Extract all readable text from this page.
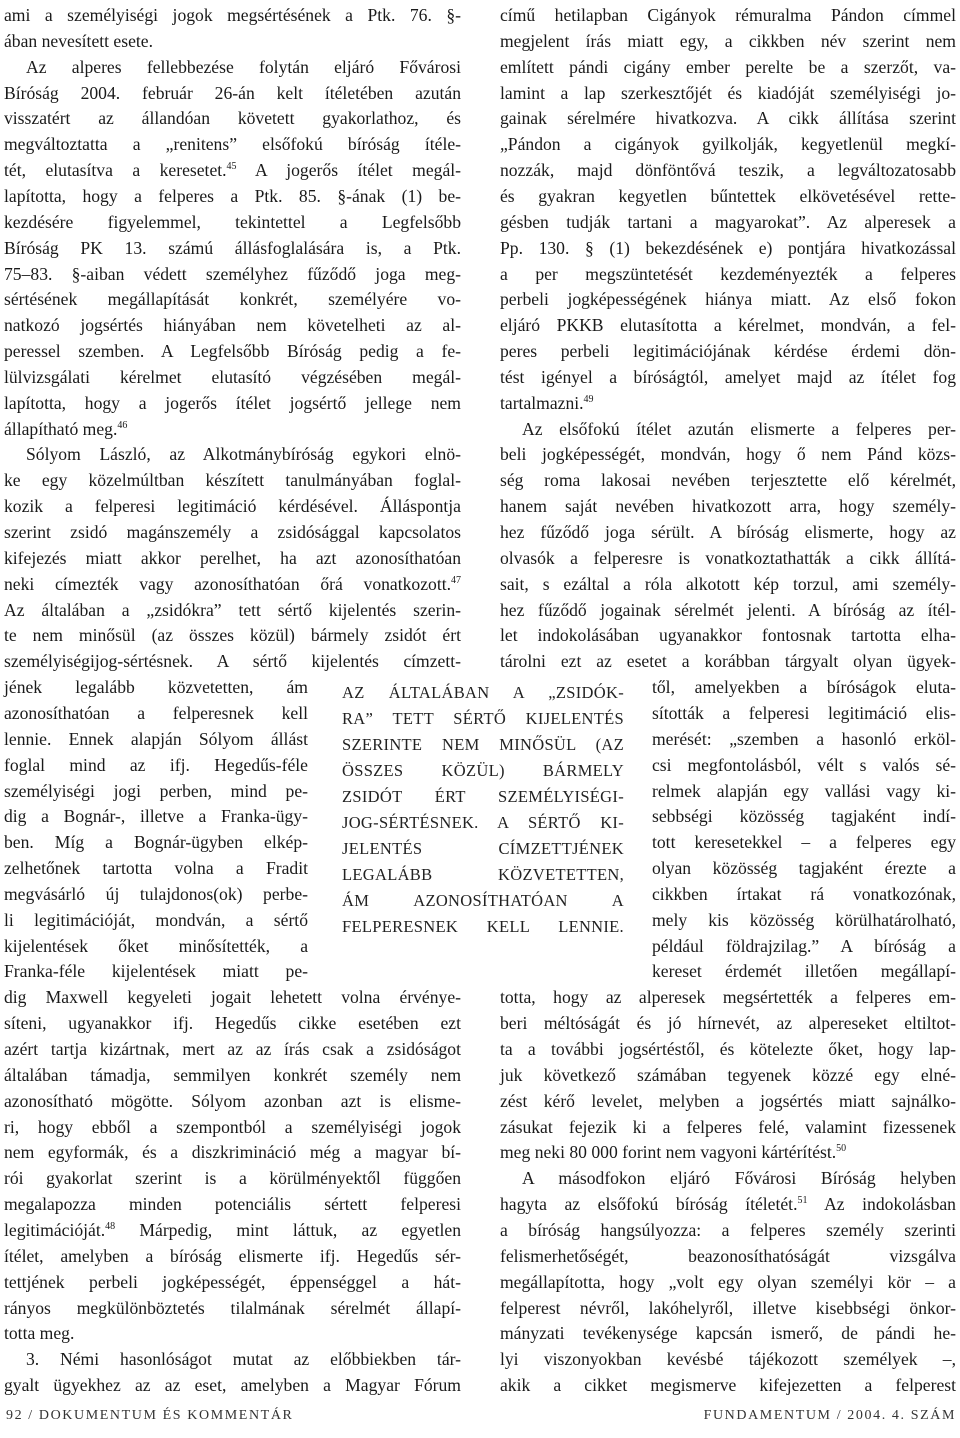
ami a személyiségi jogok megsértésének a Ptk. 76. §-
ában nevesített esete.
Az alperes fellebbezése folytán eljáró Fővárosi
Bíróság 2004. február 26-án kelt ítéletében azután
visszatért az állandóan követett gyakorlathoz, és
megváltoztatta a „renitens” elsőfokú bíróság ítéle-
tét, elutasítva a keresetet.$^{45}$ A jogerős ítélet megál-
lapította, hogy a felperes a Ptk. 85. §-ának (1) be-
kezdésére figyelemmel, tekintettel a Legfelsőbb
Bíróság PK 13. számú állásfoglalására is, a Ptk.
75–83. §-aiban védett személyhez fűződő joga meg-
sértésének megállapítását konkrét, személyére vo-
natkozó jogsértés hiányában nem követelheti az al-
peressel szemben. A Legfelsőbb Bíróság pedig a fe-
lülvizsgálati kérelmet elutasító végzésében megál-
lapította, hogy a jogerős ítélet jogsértő jellege nem
állapítható meg.$^{46}$
Sólyom László, az Alkotmánybíróság egykori elnö-
ke egy közelmúltban készített tanulmányában foglal-
kozik a felperesi legitimáció kérdésével. Álláspontja
szerint zsidó magánszemély a zsidósággal kapcsolatos
kifejezés miatt akkor perelhet, ha azt azonosíthatóan
neki címezték vagy azonosíthatóan őrá vonatkozott.$^{47}$
Az általában a „zsidókra” tett sértő kijelentés szerin-
te nem minősül (az összes közül) bármely zsidót ért
személyiségijog-sértésnek. A sértő kijelentés címzett-
jének legalább közvetetten, ám
azonosíthatóan a felperesnek kell
lennie. Ennek alapján Sólyom állást
foglal mind az ifj. Hegedűs-féle
személyiségi jogi perben, mind pe-
dig a Bognár-, illetve a Franka-ügy-
ben. Míg a Bognár-ügyben elkép-
zelhetőnek tartotta volna a Fradit
megvásárló új tulajdonos(ok) perbe-
li legitimációját, mondván, a sértő
kijelentések őket minősítették, a
Franka-féle kijelentések miatt pe-
dig Maxwell kegyeleti jogait lehetett volna érvénye-
síteni, ugyanakkor ifj. Hegedűs cikke esetében ezt
azért tartja kizártnak, mert az az írás csak a zsidóságot
általában támadja, semmilyen konkrét személy nem
azonosítható mögötte. Sólyom azonban azt is elisme-
ri, hogy ebből a szempontból a személyiségi jogok
nem egyformák, és a diszkrimináció még a magyar bí-
rói gyakorlat szerint is a körülményektől függően
megalapozza minden potenciális sértett felperesi
legitimációját.$^{48}$ Márpedig, mint láttuk, az egyetlen
ítélet, amelyben a bíróság elismerte ifj. Hegedűs sér-
tettjének perbeli jogképességét, éppenséggel a hát-
rányos megkülönböztetés tilalmának sérelmét állapí-
totta meg.
3. Némi hasonlóságot mutat az előbbiekben tár-
gyalt ügyekhez az az eset, amelyben a Magyar Fórum
című hetilapban Cigányok rémuralma Pándon címmel
megjelent írás miatt egy, a cikkben név szerint nem
említett pándi cigány ember perelte be a szerzőt, va-
lamint a lap szerkesztőjét és kiadóját személyiségi jo-
gainak sérelmére hivatkozva. A cikk állítása szerint
„Pándon a cigányok gyilkolják, kegyetlenül megkí-
nozzák, majd dönföntővá teszik, a legváltozatosabb
és gyakran kegyetlen bűntettek elkövetésével rette-
gésben tudják tartani a magyarokat”. Az alperesek a
Pp. 130. § (1) bekezdésének e) pontjára hivatkozással
a per megszüntetését kezdeményezték a felperes
perbeli jogképességének hiánya miatt. Az első fokon
eljáró PKKB elutasította a kérelmet, mondván, a fel-
peres perbeli legitimációjának kérdése érdemi dön-
tést igényel a bíróságtól, amelyet majd az ítélet fog
tartalmazni.$^{49}$
Az elsőfokú ítélet azután elismerte a felperes per-
beli jogképességét, mondván, hogy ő nem Pánd közs-
ség roma lakosai nevében terjesztette elő kérelmét,
hanem saját nevében hivatkozott arra, hogy személy-
hez fűződő joga sérült. A bíróság elismerte, hogy az
olvasók a felperesre is vonatkoztathatták a cikk állítá-
sait, s ezáltal a róla alkotott kép torzul, ami személy-
hez fűződő jogainak sérelmét jelenti. A bíróság az ítél-
let indokolásában ugyanakkor fontosnak tartotta elha-
tárolni ezt az esetet a korábban tárgyalt olyan ügyek-
től, amelyekben a bíróságok eluta-
sították a felperesi legitimáció elis-
merését: „szemben a hasonló erköl-
csi megfontolásból, vélt s valós sé-
relmek alapján egy vallási vagy ki-
sebbségi közösség tagjaként indí-
tott keresetekkel – a felperes egy
olyan közösség tagjaként érezte a
cikkben írtakat rá vonatkozónak,
mely kis közösség körülhatárolható,
például földrajzilag.” A bíróság a
kereset érdemét illetően megállapí-
totta, hogy az alperesek megsértették a felperes em-
beri méltóságát és jó hírnevét, az alpereseket eltiltot-
ta a további jogsértéstől, és kötelezte őket, hogy lap-
juk következő számában tegyenek közzé egy elné-
zést kérő levelet, melyben a jogsértés miatt sajnálko-
zásukat fejezik ki a felperes felé, valamint fizessenek
meg neki 80 000 forint nem vagyoni kártérítést.$^{50}$
A másodfokon eljáró Fővárosi Bíróság helyben
hagyta az elsőfokú bíróság ítéletét.$^{51}$ Az indokolásban
a bíróság hangsúlyozza: a felperes személy szerinti
felismerhetőségét, beazonosíthatóságát vizsgálva
megállapította, hogy „volt egy olyan személyi kör – a
felperest névről, lakóhelyről, illetve kisebbségi önkor-
mányzati tevékenysége kapcsán ismerő, de pándi he-
lyi viszonyokban kevésbé tájékozott személyek –,
akik a cikket megismerve kifejezetten a felperest
AZ ÁLTALÁBAN A „ZSIDÓK-
RA” TETT SÉRTŐ KIJELENTÉS
SZERINTE NEM MINŐSÜL (AZ
ÖSSZES KÖZÜL) BÁRMELY
ZSIDÓT ÉRT SZEMÉLYISÉGI-
JOG-SÉRTÉSNEK. A SÉRTŐ KI-
JELENTÉS CÍMZETTJÉNEK
LEGALÁBB KÖZVETETTEN,
ÁM AZONOSÍTHATÓAN A
FELPERESNEK KELL LENNIE.
92 / DOKUMENTUM ÉS KOMMENTÁR	FUNDAMENTUM / 2004. 4. SZÁM
